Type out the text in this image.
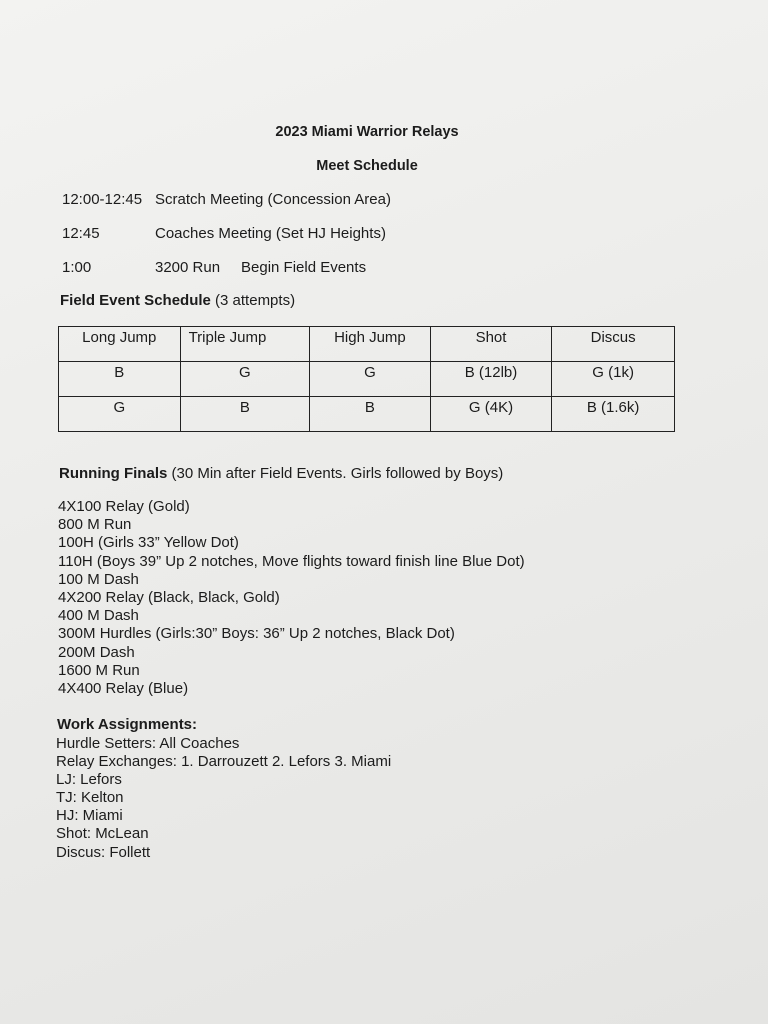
2023 Miami Warrior Relays
Meet Schedule
12:00-12:45 Scratch Meeting (Concession Area)
12:45	Coaches Meeting (Set HJ Heights)
1:00	3200 Run Begin Field Events
Field Event Schedule (3 attempts)
Long Jump	Triple Jump	High Jump	Shot	Discus
B	G	G	B (12lb)	G (1k)
G	B	B	G (4K)	B (1.6k)
Running Finals (30 Min after Field Events. Girls followed by Boys)
4X100 Relay (Gold)
800 M Run
100H (Girls 33” Yellow Dot)
110H (Boys 39” Up 2 notches, Move flights toward finish line Blue Dot)
100 M Dash
4X200 Relay (Black, Black, Gold)
400 M Dash
300M Hurdles (Girls:30” Boys: 36” Up 2 notches, Black Dot)
200M Dash
1600 M Run
4X400 Relay (Blue)
Work Assignments:
Hurdle Setters: All Coaches
Relay Exchanges: 1. Darrouzett 2. Lefors 3. Miami
LJ: Lefors
TJ: Kelton
HJ: Miami
Shot: McLean
Discus: Follett
